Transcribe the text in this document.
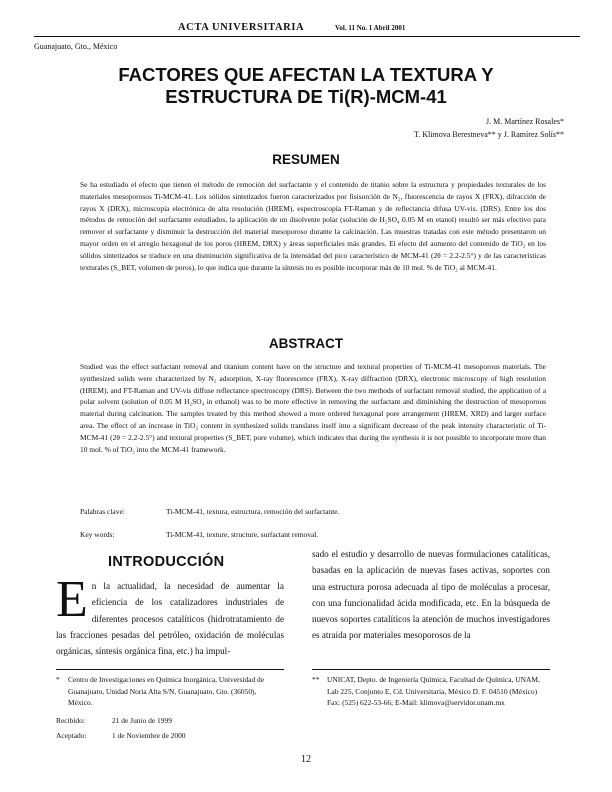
ACTA UNIVERSITARIA	Vol. 11 No. 1 Abril 2001
Guanajuato, Gto., México
FACTORES QUE AFECTAN LA TEXTURA Y
ESTRUCTURA DE Ti(R)-MCM-41
J. M. Martínez Rosales*
T. Klimova Berestneva** y J. Ramírez Solís**
RESUMEN
Se ha estudiado el efecto que tienen el método de remoción del surfactante y el contenido de titanio sobre la estructura y propiedades texturales de los materiales mesoporosos Ti-MCM-41. Los sólidos sintetizados fueron caracterizados por fisisorción de N₂, fluorescencia de rayos X (FRX), difracción de rayos X (DRX), microscopía electrónica de alta resolución (HREM), espectroscopía FT-Raman y de reflectancia difusa UV-vis. (DRS). Entre los dos métodos de remoción del surfactante estudiados, la aplicación de un disolvente polar (solución de H₂SO₄ 0.05 M en etanol) resultó ser más efectivo para remover el surfactante y disminuir la destrucción del material mesoporoso durante la calcinación. Las muestras tratadas con este método presentaron un mayor orden en el arreglo hexagonal de los poros (HREM, DRX) y áreas superficiales más grandes. El efecto del aumento del contenido de TiO₂ en los sólidos sintetizados se traduce en una disminución significativa de la intensidad del pico característico de MCM-41 (2θ = 2.2-2.5°) y de las características texturales (S_BET, volumen de poros), lo que indica que durante la síntesis no es posible incorporar más de 10 mol. % de TiO₂ al MCM-41.
ABSTRACT
Studied was the effect surfactant removal and titanium content have on the structure and textural properties of Ti-MCM-41 mesoporous materials. The synthesized solids were characterized by N₂ adsorption, X-ray fluorescence (FRX), X-ray diffraction (DRX), electronic microscopy of high resolution (HREM), and FT-Raman and UV-vis diffuse reflectance spectroscopy (DRS). Between the two methods of surfactant removal studied, the application of a polar solvent (solution of 0.05 M H₂SO₄ in ethanol) was to be more effective in removing the surfactant and diminishing the destruction of mesoporous material during calcination. The samples treated by this method showed a more ordered hexagonal pore arrangement (HREM, XRD) and larger surface area. The effect of an increase in TiO₂ content in synthesized solids translates itself into a significant decrease of the peak intensity characteristic of Ti-MCM-41 (2θ = 2.2-2.5°) and textural properties (S_BET, pore volume), which indicates that during the synthesis it is not possible to incorporate more than 10 mol. % of TiO₂ into the MCM-41 framework.
Palabras clave:	Ti-MCM-41, textura, estructura, remoción del surfactante.
Key words:	Ti-MCM-41, texture, structure, surfactant removal.
INTRODUCCIÓN
En la actualidad, la necesidad de aumentar la eficiencia de los catalizadores industriales de diferentes procesos catalíticos (hidrotratamiento de las fracciones pesadas del petróleo, oxidación de moléculas orgánicas, síntesis orgánica fina, etc.) ha impul-
sado el estudio y desarrollo de nuevas formulaciones catalíticas, basadas en la aplicación de nuevas fases activas, soportes con una estructura porosa adecuada al tipo de moléculas a procesar, con una funcionalidad ácida modificada, etc. En la búsqueda de nuevos soportes catalíticos la atención de muchos investigadores es atraída por materiales mesoporosos de la
*	Centro de Investigaciones en Química Inorgánica, Universidad de Guanajuato, Unidad Noria Alta S/N, Guanajuato, Gto. (36050), México.
Recibido:	21 de Junio de 1999
Aceptado:	1 de Noviembre de 2000
**	UNICAT, Depto. de Ingeniería Química, Facultad de Química, UNAM, Lab 225, Conjunto E, Cd. Universitaria, México D. F. 04510 (México) Fax: (525) 622-53-66; E-Mail: klimova@servidor.unam.mx
12
